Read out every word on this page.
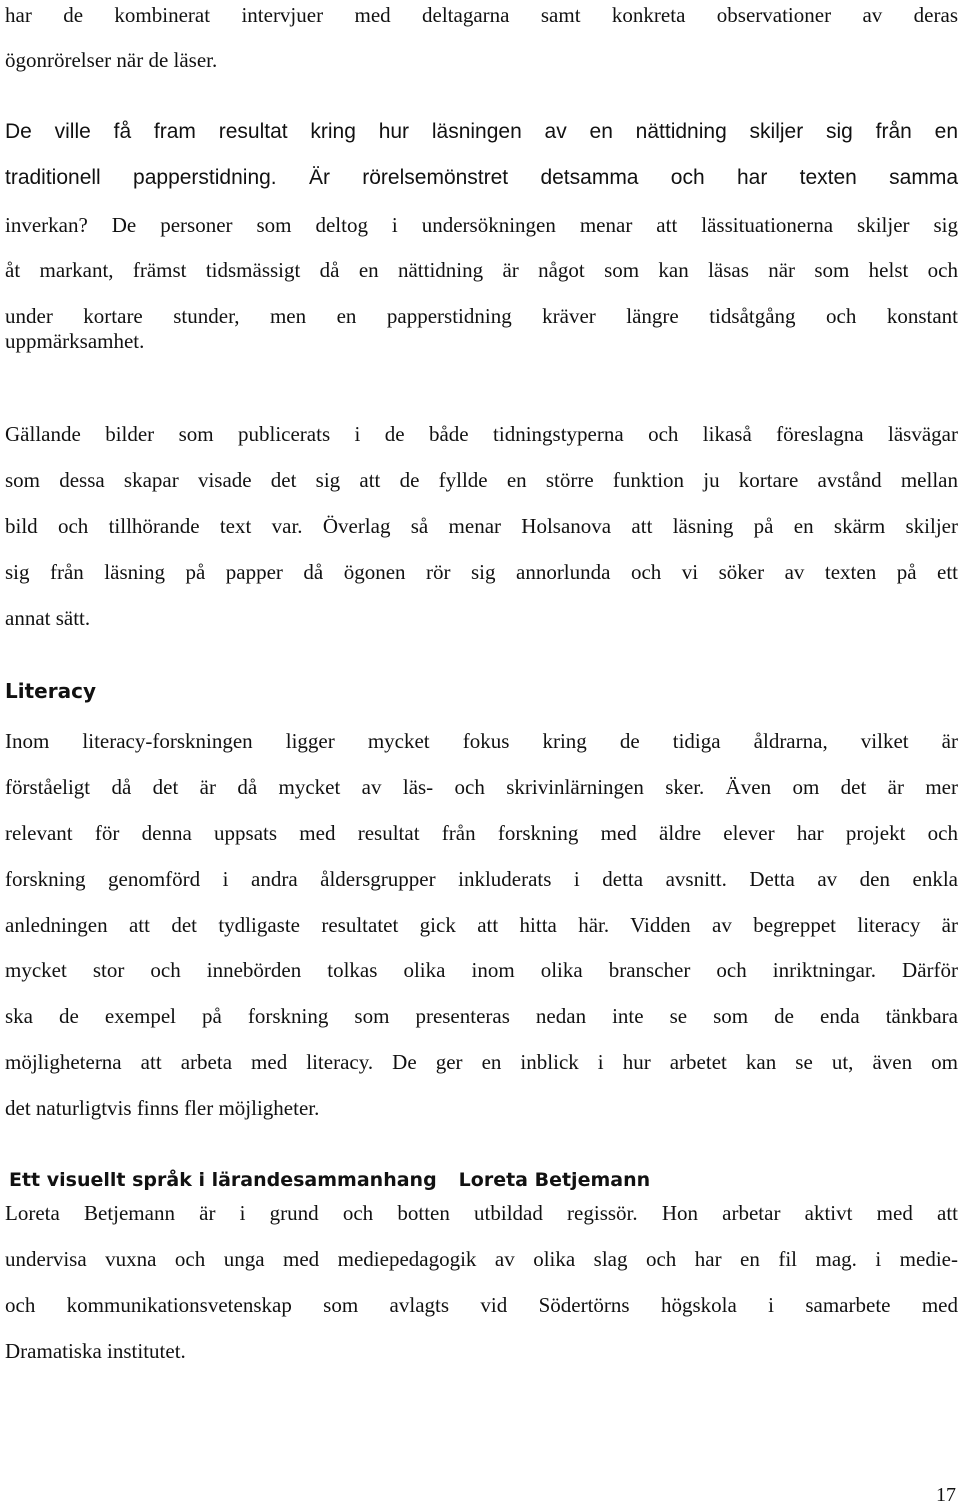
har de kombinerat intervjuer med deltagarna samt konkreta observationer av deras
ögonrörelser när de läser.
De ville få fram resultat kring hur läsningen av en nättidning skiljer sig från en
traditionell papperstidning. Är rörelsemönstret detsamma och har texten samma
inverkan? De personer som deltog i undersökningen menar att lässituationerna skiljer sig
åt markant, främst tidsmässigt då en nättidning är något som kan läsas när som helst och
under kortare stunder, men en papperstidning kräver längre tidsåtgång och konstant
uppmärksamhet.
Gällande bilder som publicerats i de både tidningstyperna och likaså föreslagna läsvägar
som dessa skapar visade det sig att de fyllde en större funktion ju kortare avstånd mellan
bild och tillhörande text var. Överlag så menar Holsanova att läsning på en skärm skiljer
sig från läsning på papper då ögonen rör sig annorlunda och vi söker av texten på ett
annat sätt.
Literacy
Inom literacy-forskningen ligger mycket fokus kring de tidiga åldrarna, vilket är
förståeligt då det är då mycket av läs- och skrivinlärningen sker. Även om det är mer
relevant för denna uppsats med resultat från forskning med äldre elever har projekt och
forskning genomförd i andra åldersgrupper inkluderats i detta avsnitt. Detta av den enkla
anledningen att det tydligaste resultatet gick att hitta här. Vidden av begreppet literacy är
mycket stor och innebörden tolkas olika inom olika branscher och inriktningar. Därför
ska de exempel på forskning som presenteras nedan inte se som de enda tänkbara
möjligheterna att arbeta med literacy. De ger en inblick i hur arbetet kan se ut, även om
det naturligtvis finns fler möjligheter.
Ett visuellt språk i lärandesammanhang Loreta Betjemann
Loreta Betjemann är i grund och botten utbildad regissör. Hon arbetar aktivt med att
undervisa vuxna och unga med mediepedagogik av olika slag och har en fil mag. i medie-
och kommunikationsvetenskap som avlagts vid Södertörns högskola i samarbete med
Dramatiska institutet.
17
